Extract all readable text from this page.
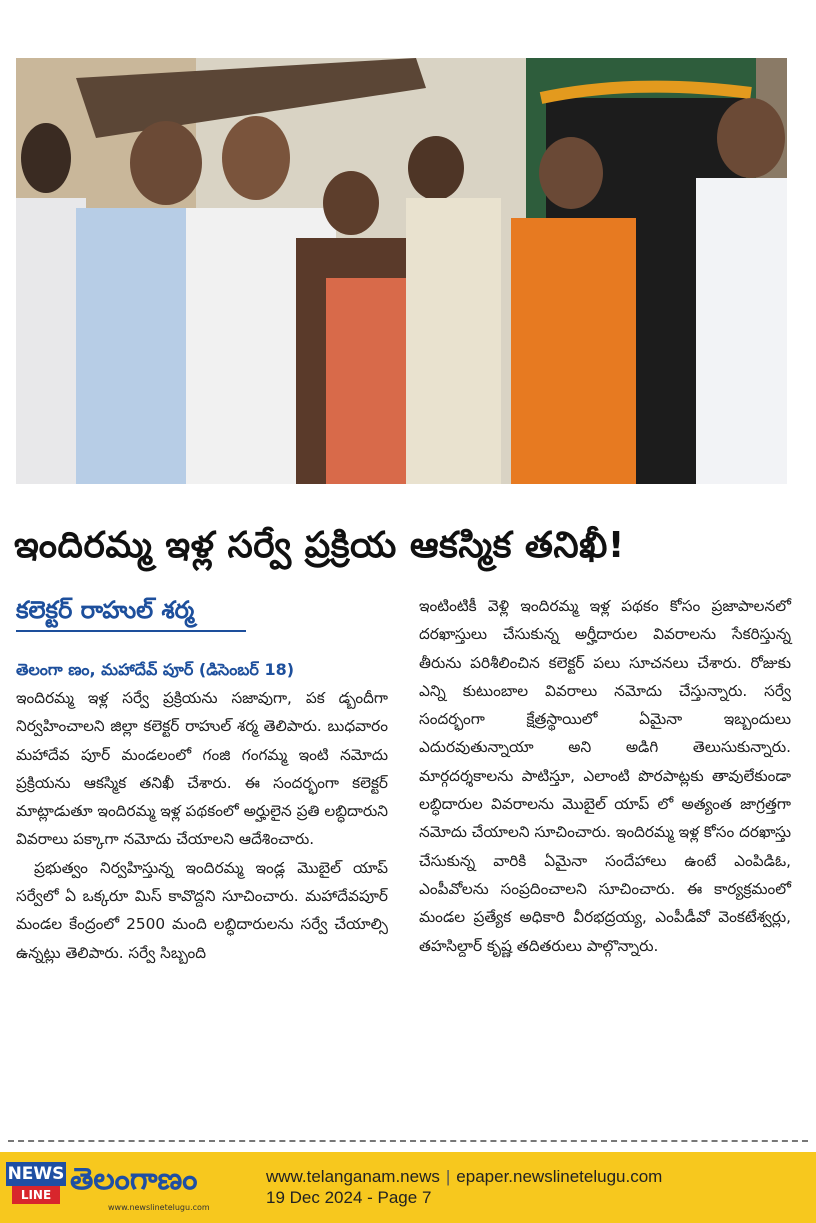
ఇందిరమ్మ ఇళ్ల సర్వే ప్రక్రియ ఆకస్మిక తనిఖీ!
కలెక్టర్ రాహుల్ శర్మ
తెలంగా ణం, మహాదేవ్ పూర్ (డిసెంబర్ 18)

ఇందిరమ్మ ఇళ్ల సర్వే ప్రక్రియను సజావుగా, పక డ్బందీగా నిర్వహించాలని జిల్లా కలెక్టర్ రాహుల్ శర్మ తెలిపారు. బుధవారం మహాదేవ పూర్ మండలంలో గంజి గంగమ్మ ఇంటి నమోదు ప్రక్రియను ఆకస్మిక తనిఖీ చేశారు. ఈ సందర్భంగా కలెక్టర్ మాట్లాడుతూ ఇందిరమ్మ ఇళ్ల పథకంలో అర్హులైన ప్రతి లబ్ధిదారుని వివరాలు పక్కాగా నమోదు చేయాలని ఆదేశించారు.

ప్రభుత్వం నిర్వహిస్తున్న ఇందిరమ్మ ఇండ్ల మొబైల్ యాప్ సర్వేలో ఏ ఒక్కరూ మిస్ కావొద్దని సూచించారు. మహాదేవపూర్ మండల కేంద్రంలో 2500 మంది లబ్ధిదారులను సర్వే చేయాల్సి ఉన్నట్లు తెలిపారు. సర్వే సిబ్బంది

ఇంటింటికీ వెళ్లి ఇందిరమ్మ ఇళ్ల పథకం కోసం ప్రజాపాలనలో దరఖాస్తులు చేసుకున్న అర్హీదారుల వివరాలను సేకరిస్తున్న తీరును పరిశీలించిన కలెక్టర్ పలు సూచనలు చేశారు. రోజుకు ఎన్ని కుటుంబాల వివరాలు నమోదు చేస్తున్నారు. సర్వే సందర్భంగా క్షేత్రస్థాయిలో ఏమైనా ఇబ్బందులు ఎదురవుతున్నాయా అని అడిగి తెలుసుకున్నారు. మార్గదర్శకాలను పాటిస్తూ, ఎలాంటి పొరపాట్లకు తావులేకుండా లబ్ధిదారుల వివరాలను మొబైల్ యాప్ లో అత్యంత జాగ్రత్తగా నమోదు చేయాలని సూచించారు. ఇందిరమ్మ ఇళ్ల కోసం దరఖాస్తు చేసుకున్న వారికి ఏమైనా సందేహాలు ఉంటే ఎంపిడిఓ, ఎంపీవోలను సంప్రదించాలని సూచించారు. ఈ కార్యక్రమంలో మండల ప్రత్యేక అధికారి వీరభద్రయ్య, ఎంపీడీవో వెంకటేశ్వర్లు, తహసిల్దార్ కృష్ణ తదితరులు పాల్గొన్నారు.

NEWS
LINE తెలంగాణం
www.newslinetelugu.com
www.telanganam.news | epaper.newslinetelugu.com
19 Dec 2024 - Page 7
